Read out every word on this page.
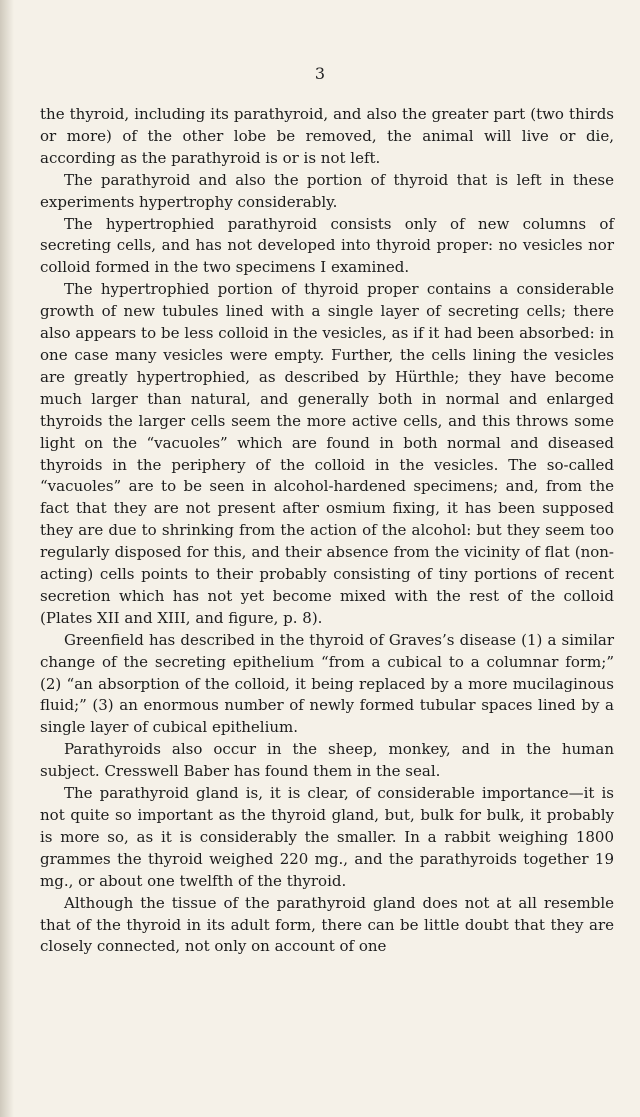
3

the thyroid, including its parathyroid, and also the greater part (two thirds or more) of the other lobe be removed, the animal will live or die, according as the parathyroid is or is not left.

The parathyroid and also the portion of thyroid that is left in these experiments hypertrophy considerably.

The hypertrophied parathyroid consists only of new columns of secreting cells, and has not developed into thyroid proper: no vesicles nor colloid formed in the two specimens I examined.

The hypertrophied portion of thyroid proper contains a considerable growth of new tubules lined with a single layer of secreting cells; there also appears to be less colloid in the vesicles, as if it had been absorbed: in one case many vesicles were empty. Further, the cells lining the vesicles are greatly hypertrophied, as described by Hürthle; they have become much larger than natural, and generally both in normal and enlarged thyroids the larger cells seem the more active cells, and this throws some light on the “vacuoles” which are found in both normal and diseased thyroids in the periphery of the colloid in the vesicles. The so-called “vacuoles” are to be seen in alcohol-hardened specimens; and, from the fact that they are not present after osmium fixing, it has been supposed they are due to shrinking from the action of the alcohol: but they seem too regularly disposed for this, and their absence from the vicinity of flat (non-acting) cells points to their probably consisting of tiny portions of recent secretion which has not yet become mixed with the rest of the colloid (Plates XII and XIII, and figure, p. 8).

Greenfield has described in the thyroid of Graves’s disease (1) a similar change of the secreting epithelium “from a cubical to a columnar form;” (2) “an absorption of the colloid, it being replaced by a more mucilaginous fluid;” (3) an enormous number of newly formed tubular spaces lined by a single layer of cubical epithelium.

Parathyroids also occur in the sheep, monkey, and in the human subject. Cresswell Baber has found them in the seal.

The parathyroid gland is, it is clear, of considerable importance—it is not quite so important as the thyroid gland, but, bulk for bulk, it probably is more so, as it is considerably the smaller. In a rabbit weighing 1800 grammes the thyroid weighed 220 mg., and the parathyroids together 19 mg., or about one twelfth of the thyroid.

Although the tissue of the parathyroid gland does not at all resemble that of the thyroid in its adult form, there can be little doubt that they are closely connected, not only on account of one
